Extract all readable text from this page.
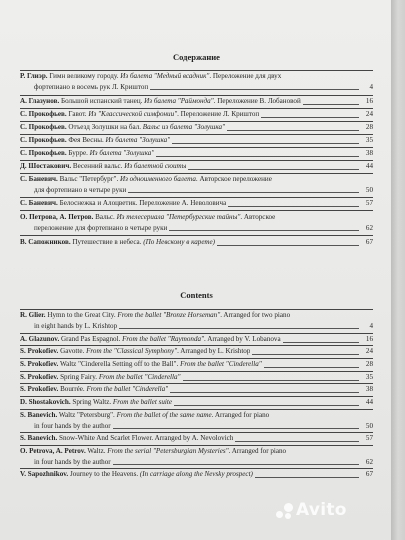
Содержание
Р. Глиэр. Гимн великому городу. Из балета "Медный всадник". Переложение для двух
фортепиано в восемь рук Л. Криштоп	4
А. Глазунов. Большой испанский танец. Из балета "Раймонда". Переложение В. Лобановой	16
С. Прокофьев. Гавот. Из "Классической симфонии". Переложение Л. Криштоп	24
С. Прокофьев. Отъезд Золушки на бал. Вальс из балета "Золушка"	28
С. Прокофьев. Фея Весны. Из балета "Золушка"	35
С. Прокофьев. Бурре. Из балета "Золушка"	38
Д. Шостакович. Весенний вальс. Из балетной сюиты	44
С. Баневич. Вальс "Петербург". Из одноименного балета. Авторское переложение
для фортепиано в четыре руки	50
С. Баневич. Белоснежка и Алоцветик. Переложение А. Неволовича	57
О. Петрова, А. Петров. Вальс. Из телесериала "Петербургские тайны". Авторское
переложение для фортепиано в четыре руки	62
В. Сапожников. Путешествие в небеса. (По Невскому в карете)	67
Contents
R. Glier. Hymn to the Great City. From the ballet "Bronze Horseman". Arranged for two piano
in eight hands by L. Krishtop	4
A. Glazunov. Grand Pas Espagnol. From the ballet "Raymonda". Arranged by V. Lobanova	16
S. Prokofiev. Gavotte. From the "Classical Symphony". Arranged by L. Krishtop	24
S. Prokofiev. Waltz "Cinderella Setting off to the Ball". From the ballet "Cinderella"	28
S. Prokofiev. Spring Fairy. From the ballet "Cinderella"	35
S. Prokofiev. Bourrée. From the ballet "Cinderella"	38
D. Shostakovich. Spring Waltz. From the ballet suite	44
S. Banevich. Waltz "Petersburg". From the ballet of the same name. Arranged for piano
in four hands by the author	50
S. Banevich. Snow-White And Scarlet Flower. Arranged by A. Nevolovich	57
O. Petrova, A. Petrov. Waltz. From the serial "Petersburgian Mysteries". Arranged for piano
in four hands by the author	62
V. Sapozhnikov. Journey to the Heavens. (In carriage along the Nevsky prospect)	67
Avito
